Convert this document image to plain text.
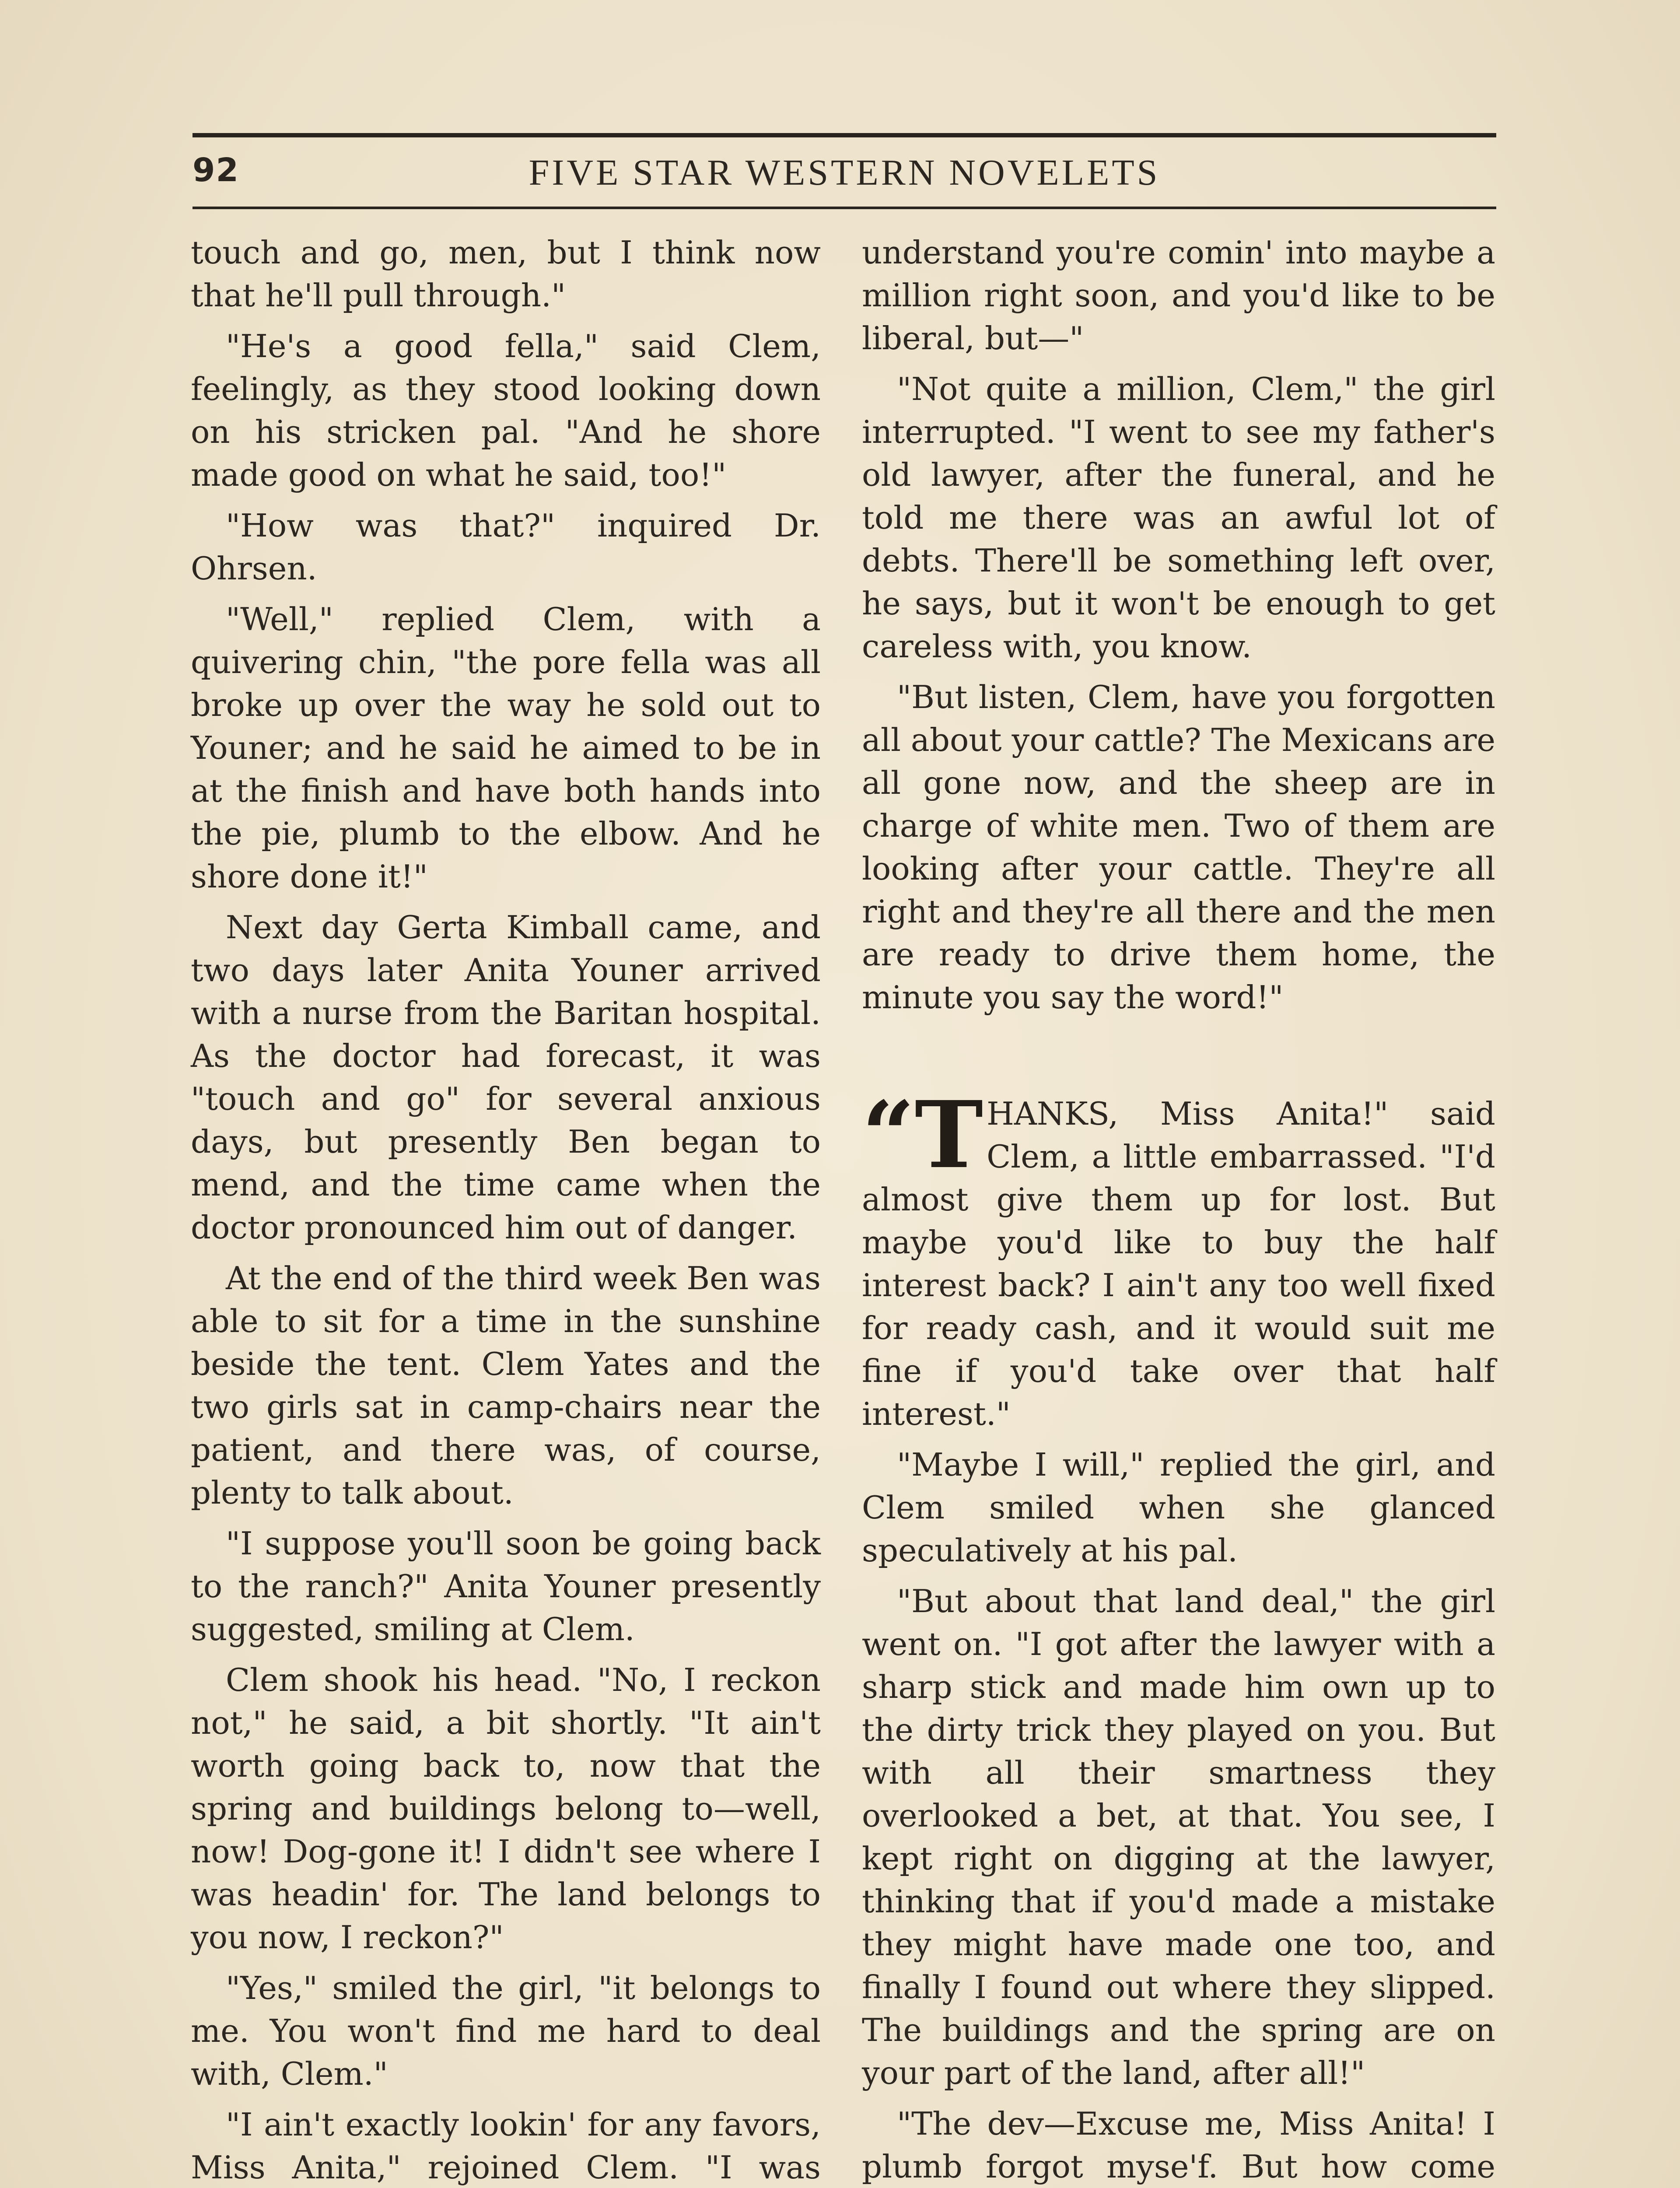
92	FIVE STAR WESTERN NOVELETS

touch and go, men, but I think now that he'll pull through."

"He's a good fella," said Clem, feelingly, as they stood looking down on his stricken pal. "And he shore made good on what he said, too!"

"How was that?" inquired Dr. Ohrsen.

"Well," replied Clem, with a quivering chin, "the pore fella was all broke up over the way he sold out to Youner; and he said he aimed to be in at the finish and have both hands into the pie, plumb to the elbow. And he shore done it!"

Next day Gerta Kimball came, and two days later Anita Youner arrived with a nurse from the Baritan hospital. As the doctor had forecast, it was "touch and go" for several anxious days, but presently Ben began to mend, and the time came when the doctor pronounced him out of danger.

At the end of the third week Ben was able to sit for a time in the sunshine beside the tent. Clem Yates and the two girls sat in camp-chairs near the patient, and there was, of course, plenty to talk about.

"I suppose you'll soon be going back to the ranch?" Anita Youner presently suggested, smiling at Clem.

Clem shook his head. "No, I reckon not," he said, a bit shortly. "It ain't worth going back to, now that the spring and buildings belong to—well, now! Dog-gone it! I didn't see where I was headin' for. The land belongs to you now, I reckon?"

"Yes," smiled the girl, "it belongs to me. You won't find me hard to deal with, Clem."

"I ain't exactly lookin' for any favors, Miss Anita," rejoined Clem. "I was

understand you're comin' into maybe a million right soon, and you'd like to be liberal, but—"

"Not quite a million, Clem," the girl interrupted. "I went to see my father's old lawyer, after the funeral, and he told me there was an awful lot of debts. There'll be something left over, he says, but it won't be enough to get careless with, you know.

"But listen, Clem, have you forgotten all about your cattle? The Mexicans are all gone now, and the sheep are in charge of white men. Two of them are looking after your cattle. They're all right and they're all there and the men are ready to drive them home, the minute you say the word!"

“T HANKS, Miss Anita!" said Clem, a little embarrassed. "I'd almost give them up for lost. But maybe you'd like to buy the half interest back? I ain't any too well fixed for ready cash, and it would suit me fine if you'd take over that half interest."

"Maybe I will," replied the girl, and Clem smiled when she glanced speculatively at his pal.

"But about that land deal," the girl went on. "I got after the lawyer with a sharp stick and made him own up to the dirty trick they played on you. But with all their smartness they overlooked a bet, at that. You see, I kept right on digging at the lawyer, thinking that if you'd made a mistake they might have made one too, and finally I found out where they slipped. The buildings and the spring are on your part of the land, after all!"

"The dev—Excuse me, Miss Anita! I plumb forgot myse'f. But how come
